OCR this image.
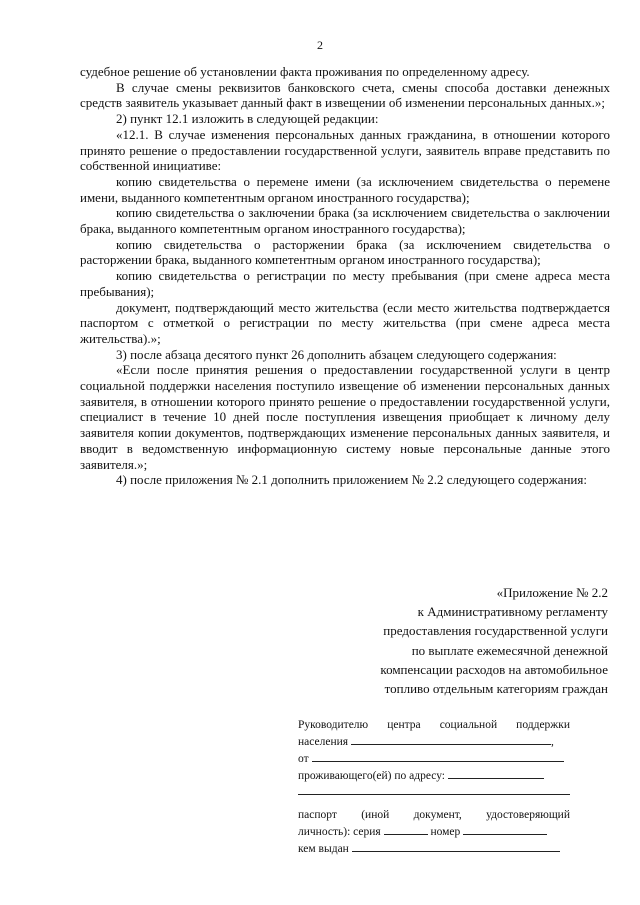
2

судебное решение об установлении факта проживания по определенному адресу.

В случае смены реквизитов банковского счета, смены способа доставки денежных средств заявитель указывает данный факт в извещении об изменении персональных данных.»;

2) пункт 12.1 изложить в следующей редакции:

«12.1. В случае изменения персональных данных гражданина, в отношении которого принято решение о предоставлении государственной услуги, заявитель вправе представить по собственной инициативе:

копию свидетельства о перемене имени (за исключением свидетельства о перемене имени, выданного компетентным органом иностранного государства);

копию свидетельства о заключении брака (за исключением свидетельства о заключении брака, выданного компетентным органом иностранного государства);

копию свидетельства о расторжении брака (за исключением свидетельства о расторжении брака, выданного компетентным органом иностранного государства);

копию свидетельства о регистрации по месту пребывания (при смене адреса места пребывания);

документ, подтверждающий место жительства (если место жительства подтверждается паспортом с отметкой о регистрации по месту жительства (при смене адреса места жительства).»;

3) после абзаца десятого пункт 26 дополнить абзацем следующего содержания:

«Если после принятия решения о предоставлении государственной услуги в центр социальной поддержки населения поступило извещение об изменении персональных данных заявителя, в отношении которого принято решение о предоставлении государственной услуги, специалист в течение 10 дней после поступления извещения приобщает к личному делу заявителя копии документов, подтверждающих изменение персональных данных заявителя, и вводит в ведомственную информационную систему новые персональные данные этого заявителя.»;

4) после приложения № 2.1 дополнить приложением № 2.2 следующего содержания:

«Приложение № 2.2
к Административному регламенту
предоставления государственной услуги
по выплате ежемесячной денежной
компенсации расходов на автомобильное
топливо отдельным категориям граждан
Руководителю центра социальной поддержки
населения	,
от
проживающего(ей) по адресу:
паспорт (иной документ, удостоверяющий
личность): серия	номер
кем выдан
